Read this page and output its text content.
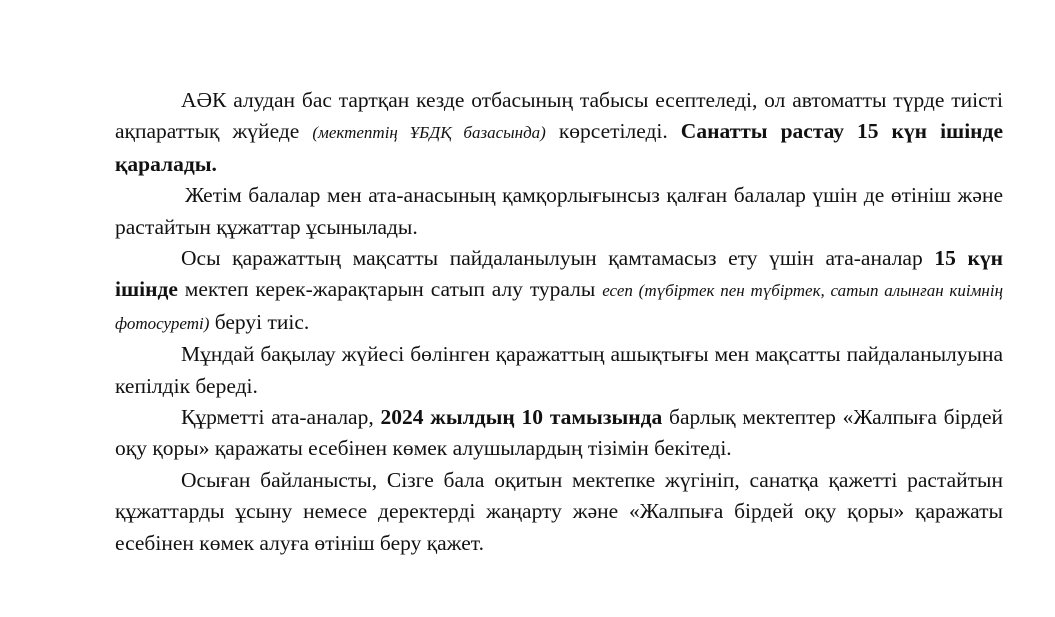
АӘК алудан бас тартқан кезде отбасының табысы есептеледі, ол автоматты түрде тиісті ақпараттық жүйеде (мектептің ҰБДҚ базасында) көрсетіледі. Санатты растау 15 күн ішінде қаралады.

Жетім балалар мен ата-анасының қамқорлығынсыз қалған балалар үшін де өтініш және растайтын құжаттар ұсынылады.

Осы қаражаттың мақсатты пайдаланылуын қамтамасыз ету үшін ата-аналар 15 күн ішінде мектеп керек-жарақтарын сатып алу туралы есеп (түбіртек пен түбіртек, сатып алынған киімнің фотосуреті) беруі тиіс.

Мұндай бақылау жүйесі бөлінген қаражаттың ашықтығы мен мақсатты пайдаланылуына кепілдік береді.

Құрметті ата-аналар, 2024 жылдың 10 тамызында барлық мектептер «Жалпыға бірдей оқу қоры» қаражаты есебінен көмек алушылардың тізімін бекітеді.

Осыған байланысты, Сізге бала оқитын мектепке жүгініп, санатқа қажетті растайтын құжаттарды ұсыну немесе деректерді жаңарту және «Жалпыға бірдей оқу қоры» қаражаты есебінен көмек алуға өтініш беру қажет.
